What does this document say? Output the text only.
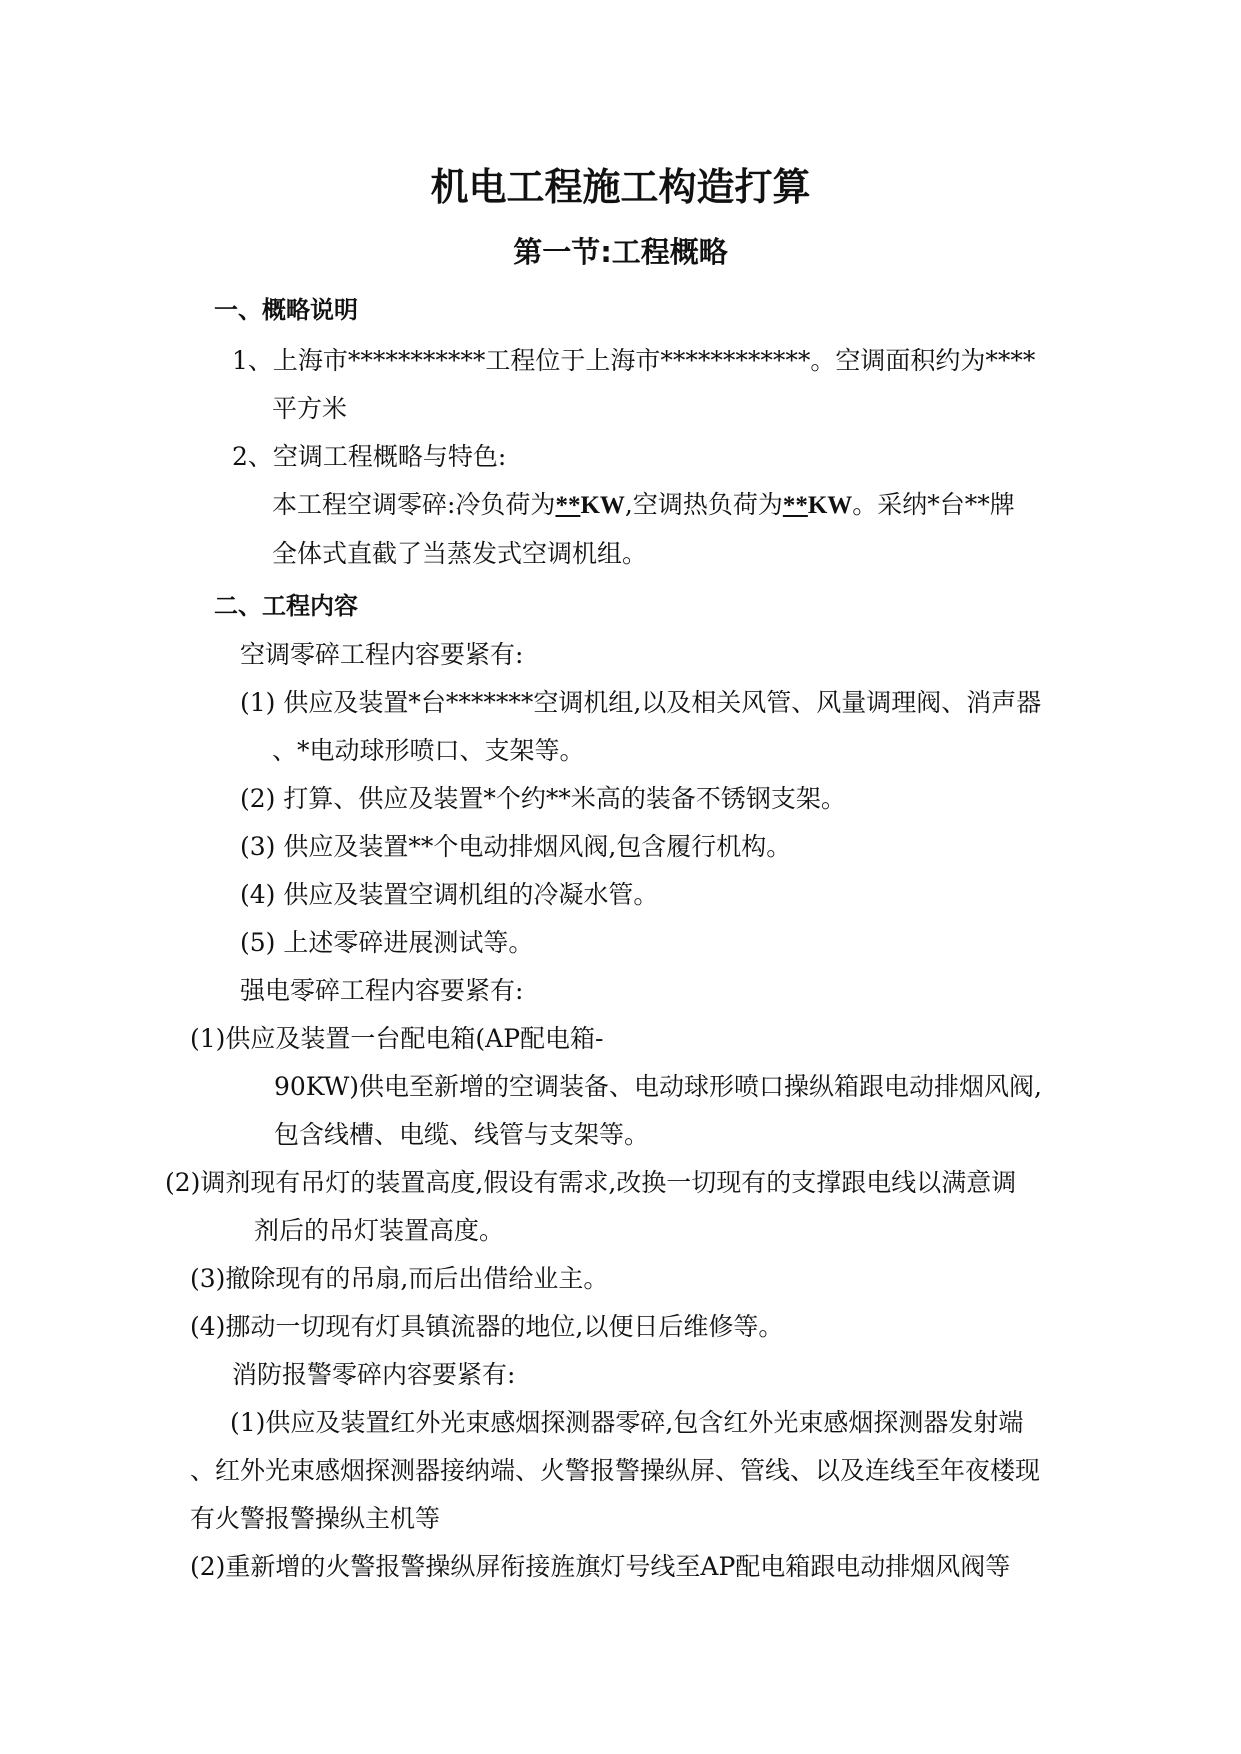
机电工程施工构造打算
第一节:工程概略
一、概略说明
1、上海市***********工程位于上海市************。空调面积约为****
平方米
2、空调工程概略与特色:
本工程空调零碎:冷负荷为**KW,空调热负荷为**KW。采纳*台**牌
全体式直截了当蒸发式空调机组。
二、工程内容
空调零碎工程内容要紧有:
(1) 供应及装置*台*******空调机组,以及相关风管、风量调理阀、消声器
、*电动球形喷口、支架等。
(2) 打算、供应及装置*个约**米高的装备不锈钢支架。
(3) 供应及装置**个电动排烟风阀,包含履行机构。
(4) 供应及装置空调机组的冷凝水管。
(5) 上述零碎进展测试等。
强电零碎工程内容要紧有:
(1)供应及装置一台配电箱(AP配电箱-
90KW)供电至新增的空调装备、电动球形喷口操纵箱跟电动排烟风阀,
包含线槽、电缆、线管与支架等。
(2)调剂现有吊灯的装置高度,假设有需求,改换一切现有的支撑跟电线以满意调
剂后的吊灯装置高度。
(3)撤除现有的吊扇,而后出借给业主。
(4)挪动一切现有灯具镇流器的地位,以便日后维修等。
消防报警零碎内容要紧有:
(1)供应及装置红外光束感烟探测器零碎,包含红外光束感烟探测器发射端
、红外光束感烟探测器接纳端、火警报警操纵屏、管线、以及连线至年夜楼现
有火警报警操纵主机等
(2)重新增的火警报警操纵屏衔接旌旗灯号线至AP配电箱跟电动排烟风阀等
